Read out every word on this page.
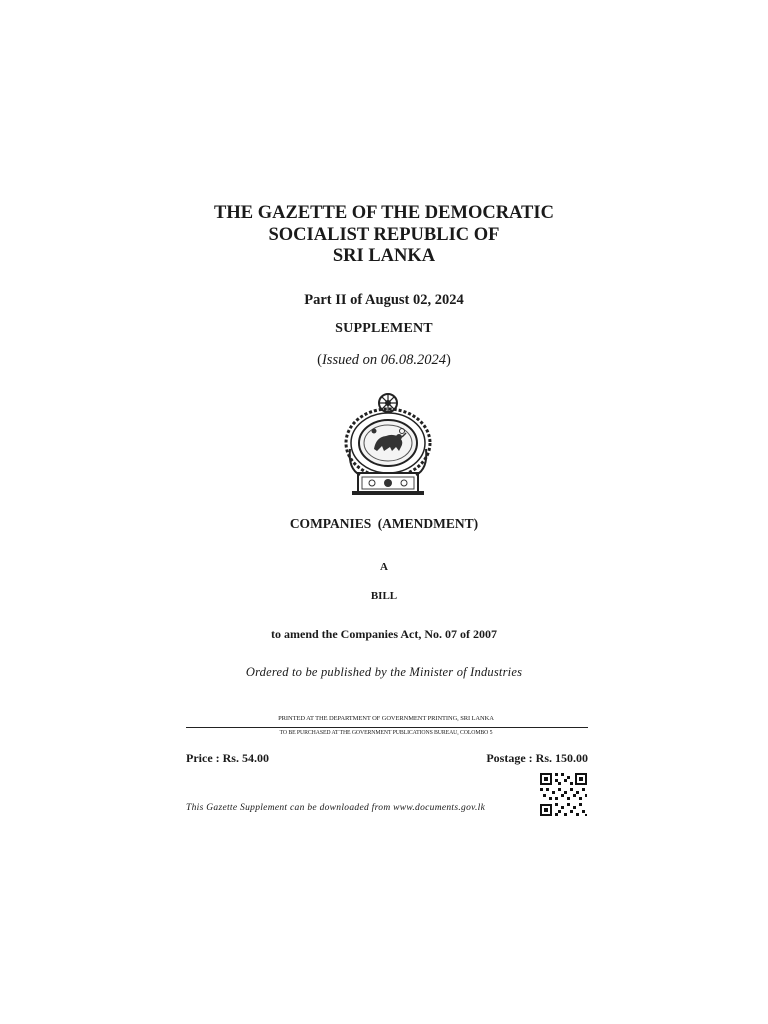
THE GAZETTE OF THE DEMOCRATIC
SOCIALIST REPUBLIC OF
SRI LANKA
Part II of August 02, 2024
SUPPLEMENT
(Issued on 06.08.2024)
COMPANIES (AMENDMENT)
A
BILL
to amend the Companies Act, No. 07 of 2007
Ordered to be published by the Minister of Industries
PRINTED AT THE DEPARTMENT OF GOVERNMENT PRINTING, SRI LANKA
TO BE PURCHASED AT THE GOVERNMENT PUBLICATIONS BUREAU, COLOMBO 5
Price : Rs. 54.00	Postage : Rs. 150.00
This Gazette Supplement can be downloaded from www.documents.gov.lk
